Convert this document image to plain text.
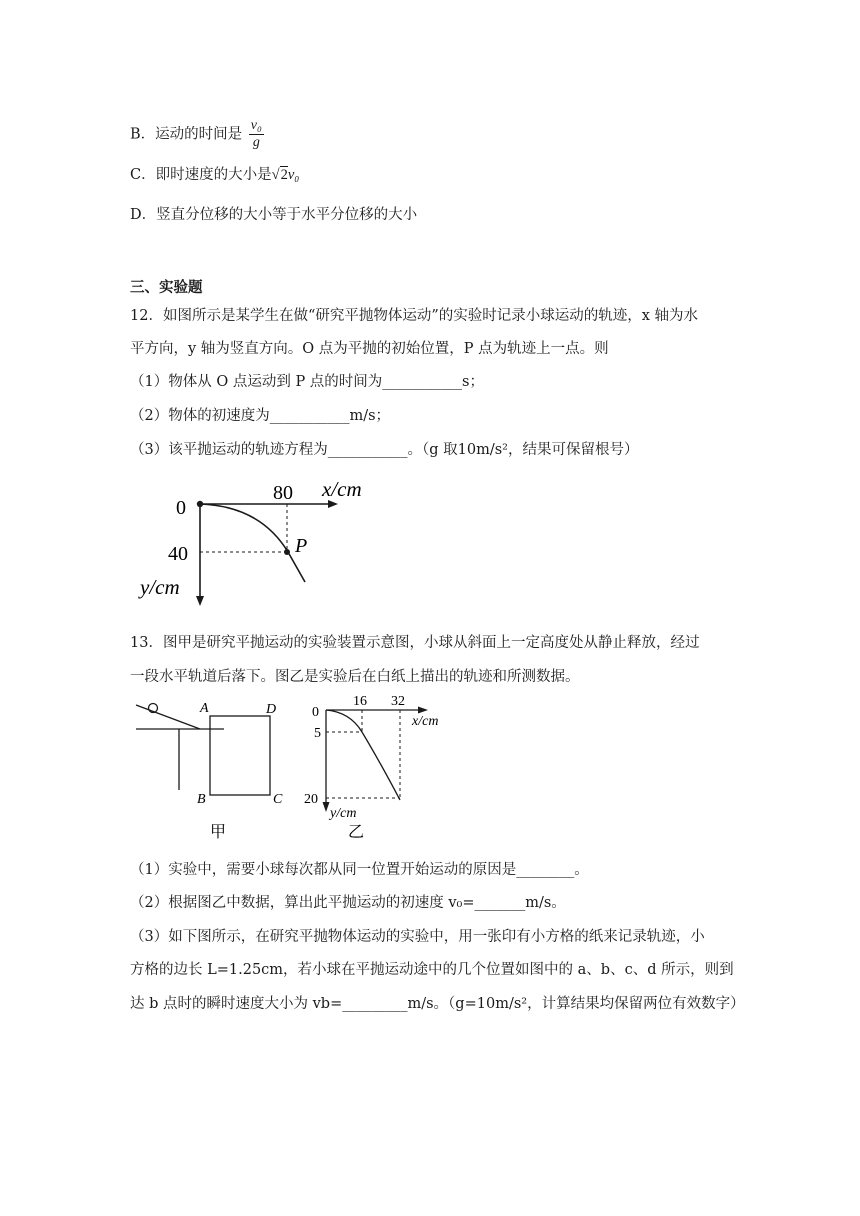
B．运动的时间是 $\frac{\text{v₀}}{g}$
C．即时速度的大小是√2v₀
D．竖直分位移的大小等于水平分位移的大小
三、实验题
12．如图所示是某学生在做“研究平抛物体运动”的实验时记录小球运动的轨迹，x 轴为水
平方向，y 轴为竖直方向。O 点为平抛的初始位置，P 点为轨迹上一点。则
（1）物体从 O 点运动到 P 点的时间为___________s；
（2）物体的初速度为___________m/s；
（3）该平抛运动的轨迹方程为___________。（g 取10m/s²，结果可保留根号）
0
80 x/cm
40
y/cm
P
13．图甲是研究平抛运动的实验装置示意图，小球从斜面上一定高度处从静止释放，经过
一段水平轨道后落下。图乙是实验后在白纸上描出的轨迹和所测数据。
A	D
B	C
甲
0
16 32
x/cm
5
20
y/cm
乙
（1）实验中，需要小球每次都从同一位置开始运动的原因是________。
（2）根据图乙中数据，算出此平抛运动的初速度 v₀=_______m/s。
（3）如下图所示，在研究平抛物体运动的实验中，用一张印有小方格的纸来记录轨迹，小
方格的边长 L=1.25cm，若小球在平抛运动途中的几个位置如图中的 a、b、c、d 所示，则到
达 b 点时的瞬时速度大小为 vb=_________m/s。（g=10m/s²，计算结果均保留两位有效数字）
